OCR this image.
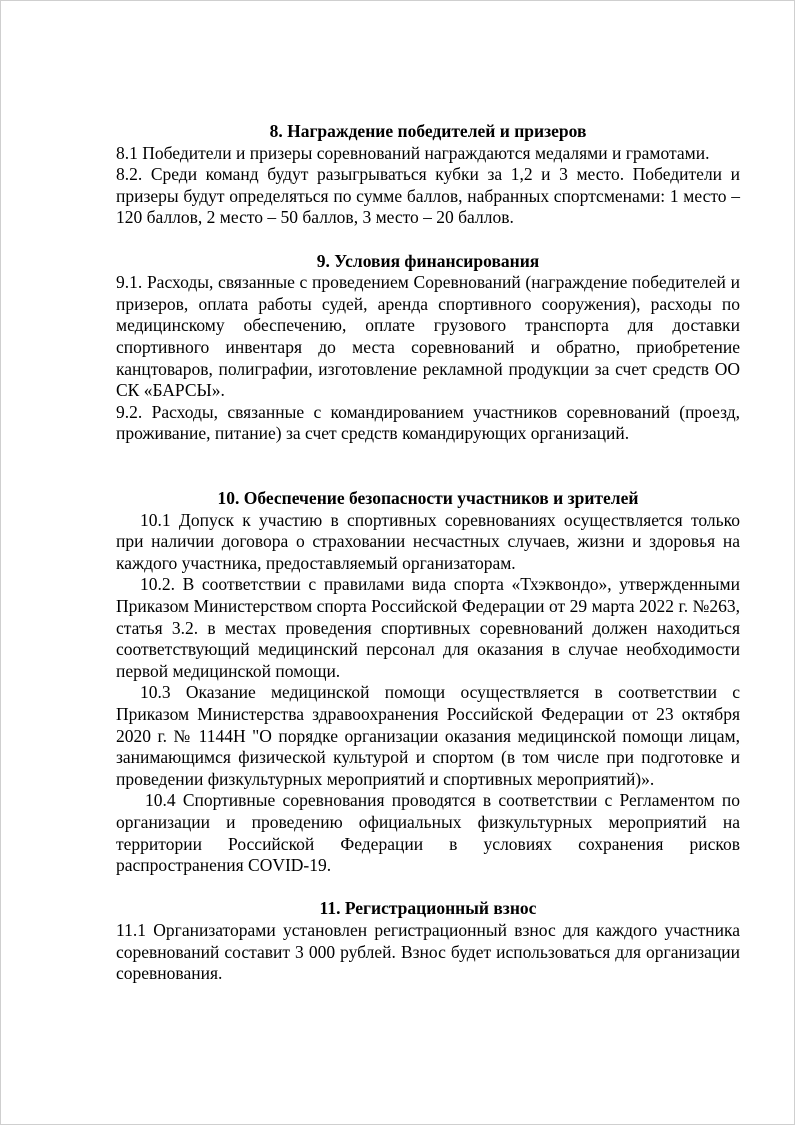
8. Награждение победителей и призеров

8.1 Победители и призеры соревнований награждаются медалями и грамотами.

8.2. Среди команд будут разыгрываться кубки за 1,2 и 3 место. Победители и призеры будут определяться по сумме баллов, набранных спортсменами: 1 место – 120 баллов, 2 место – 50 баллов, 3 место – 20 баллов.

9. Условия финансирования

9.1. Расходы, связанные с проведением Соревнований (награждение победителей и призеров, оплата работы судей, аренда спортивного сооружения), расходы по медицинскому обеспечению, оплате грузового транспорта для доставки спортивного инвентаря до места соревнований и обратно, приобретение канцтоваров, полиграфии, изготовление рекламной продукции за счет средств ОО СК «БАРСЫ».

9.2. Расходы, связанные с командированием участников соревнований (проезд, проживание, питание) за счет средств командирующих организаций.

10. Обеспечение безопасности участников и зрителей

10.1 Допуск к участию в спортивных соревнованиях осуществляется только при наличии договора о страховании несчастных случаев, жизни и здоровья на каждого участника, предоставляемый организаторам.

10.2. В соответствии с правилами вида спорта «Тхэквондо», утвержденными Приказом Министерством спорта Российской Федерации от 29 марта 2022 г. №263, статья 3.2. в местах проведения спортивных соревнований должен находиться соответствующий медицинский персонал для оказания в случае необходимости первой медицинской помощи.

10.3 Оказание медицинской помощи осуществляется в соответствии с Приказом Министерства здравоохранения Российской Федерации от 23 октября 2020 г. № 1144Н "О порядке организации оказания медицинской помощи лицам, занимающимся физической культурой и спортом (в том числе при подготовке и проведении физкультурных мероприятий и спортивных мероприятий)».

10.4 Спортивные соревнования проводятся в соответствии с Регламентом по организации и проведению официальных физкультурных мероприятий на территории Российской Федерации в условиях сохранения рисков распространения COVID-19.

11. Регистрационный взнос

11.1 Организаторами установлен регистрационный взнос для каждого участника соревнований составит 3 000 рублей. Взнос будет использоваться для организации соревнования.
